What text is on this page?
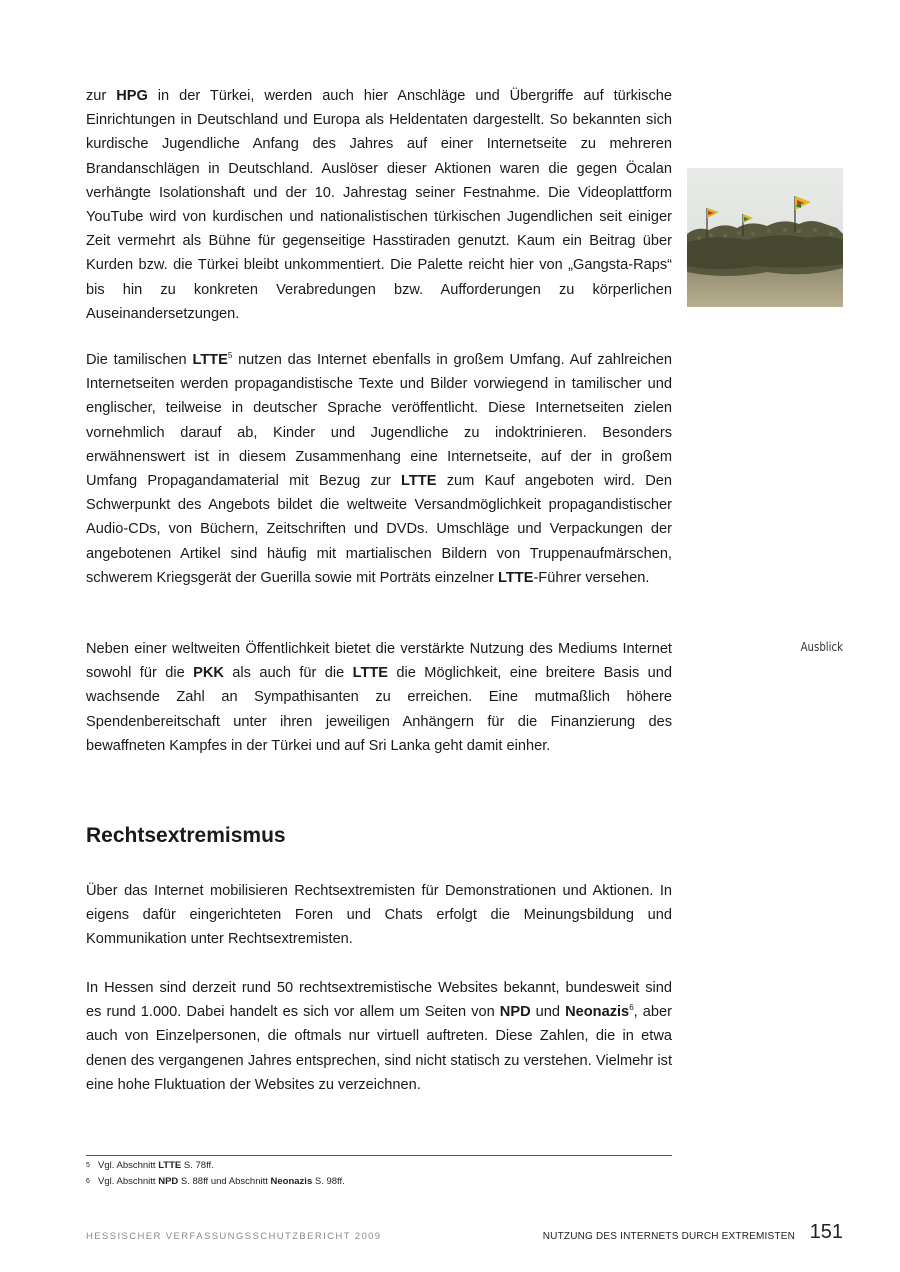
zur HPG in der Türkei, werden auch hier Anschläge und Übergriffe auf türkische Einrichtungen in Deutschland und Europa als Heldentaten dargestellt. So bekannten sich kurdische Jugendliche Anfang des Jahres auf einer Internetseite zu mehreren Brandanschlägen in Deutschland. Auslöser dieser Aktionen waren die gegen Öcalan verhängte Isolationshaft und der 10. Jahrestag seiner Festnahme. Die Videoplattform YouTube wird von kurdischen und nationalistischen türkischen Jugendlichen seit einiger Zeit vermehrt als Bühne für gegenseitige Hasstiraden genutzt. Kaum ein Beitrag über Kurden bzw. die Türkei bleibt unkommentiert. Die Palette reicht hier von „Gangsta-Raps“ bis hin zu konkreten Verabredungen bzw. Aufforderungen zu körperlichen Auseinandersetzungen.

Die tamilischen LTTE$^5$ nutzen das Internet ebenfalls in großem Umfang. Auf zahlreichen Internetseiten werden propagandistische Texte und Bilder vorwiegend in tamilischer und englischer, teilweise in deutscher Sprache veröffentlicht. Diese Internetseiten zielen vornehmlich darauf ab, Kinder und Jugendliche zu indoktrinieren. Besonders erwähnenswert ist in diesem Zusammenhang eine Internetseite, auf der in großem Umfang Propagandamaterial mit Bezug zur LTTE zum Kauf angeboten wird. Den Schwerpunkt des Angebots bildet die weltweite Versandmöglichkeit propagandistischer Audio-CDs, von Büchern, Zeitschriften und DVDs. Umschläge und Verpackungen der angebotenen Artikel sind häufig mit martialischen Bildern von Truppenaufmärschen, schwerem Kriegsgerät der Guerilla sowie mit Porträts einzelner LTTE-Führer versehen.

Neben einer weltweiten Öffentlichkeit bietet die verstärkte Nutzung des Mediums Internet sowohl für die PKK als auch für die LTTE die Möglichkeit, eine breitere Basis und wachsende Zahl an Sympathisanten zu erreichen. Eine mutmaßlich höhere Spendenbereitschaft unter ihren jeweiligen Anhängern für die Finanzierung des bewaffneten Kampfes in der Türkei und auf Sri Lanka geht damit einher.

Ausblick
Rechtsextremismus

Über das Internet mobilisieren Rechtsextremisten für Demonstrationen und Aktionen. In eigens dafür eingerichteten Foren und Chats erfolgt die Meinungsbildung und Kommunikation unter Rechtsextremisten.

In Hessen sind derzeit rund 50 rechtsextremistische Websites bekannt, bundesweit sind es rund 1.000. Dabei handelt es sich vor allem um Seiten von NPD und Neonazis$^6$, aber auch von Einzelpersonen, die oftmals nur virtuell auftreten. Diese Zahlen, die in etwa denen des vergangenen Jahres entsprechen, sind nicht statisch zu verstehen. Vielmehr ist eine hohe Fluktuation der Websites zu verzeichnen.

5 Vgl. Abschnitt LTTE S. 78ff.
6 Vgl. Abschnitt NPD S. 88ff und Abschnitt Neonazis S. 98ff.
HESSISCHER VERFASSUNGSSCHUTZBERICHT 2009	NUTZUNG DES INTERNETS DURCH EXTREMISTEN 151
